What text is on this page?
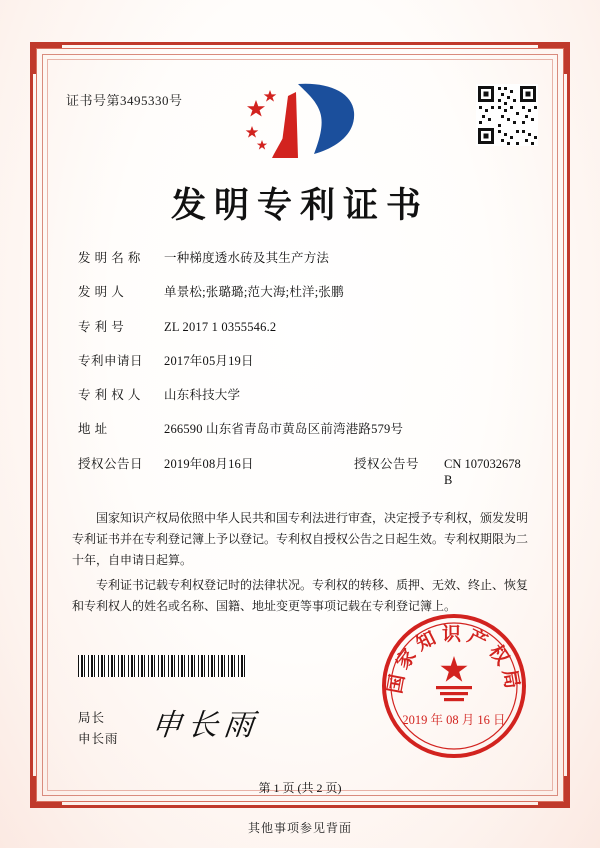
证书号第3495330号
发明专利证书
发 明 名 称	一种梯度透水砖及其生产方法
发 明 人	单景松;张璐璐;范大海;杜洋;张鹏
专 利 号	ZL 2017 1 0355546.2
专利申请日	2017年05月19日
专 利 权 人	山东科技大学
地 址	266590 山东省青岛市黄岛区前湾港路579号
授权公告日	2019年08月16日	授权公告号	CN 107032678 B

国家知识产权局依照中华人民共和国专利法进行审查，决定授予专利权，颁发发明专利证书并在专利登记簿上予以登记。专利权自授权公告之日起生效。专利权期限为二十年，自申请日起算。

专利证书记载专利权登记时的法律状况。专利权的转移、质押、无效、终止、恢复和专利权人的姓名或名称、国籍、地址变更等事项记载在专利登记簿上。

局长
申长雨 申长雨
国家知识产权局
2019 年 08 月 16 日
第 1 页 (共 2 页)
其他事项参见背面
